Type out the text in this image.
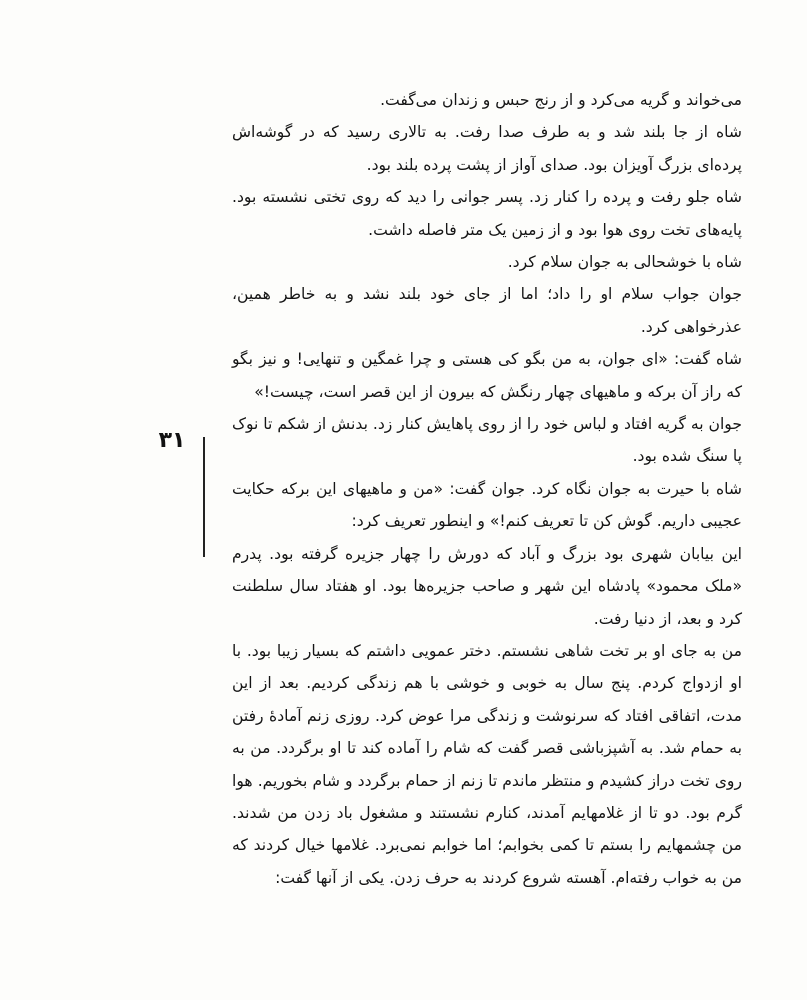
می‌خواند و گریه می‌کرد و از رنج حبس و زندان می‌گفت.

شاه از جا بلند شد و به طرف صدا رفت. به تالاری رسید که در گوشه‌اش پرده‌ای بزرگ آویزان بود. صدای آواز از پشت پرده بلند بود.

شاه جلو رفت و پرده را کنار زد. پسر جوانی را دید که روی تختی نشسته بود. پایه‌های تخت روی هوا بود و از زمین یک متر فاصله داشت.

شاه با خوشحالی به جوان سلام کرد.

جوان جواب سلام او را داد؛ اما از جای خود بلند نشد و به خاطر همین، عذرخواهی کرد.

شاه گفت: «ای جوان، به من بگو کی هستی و چرا غمگین و تنهایی! و نیز بگو که راز آن برکه و ماهیهای چهار رنگش که بیرون از این قصر است، چیست!»

جوان به گریه افتاد و لباس خود را از روی پاهایش کنار زد. بدنش از شکم تا نوک پا سنگ شده بود.

شاه با حیرت به جوان نگاه کرد. جوان گفت: «من و ماهیهای این برکه حکایت عجیبی داریم. گوش کن تا تعریف کنم!» و اینطور تعریف کرد:

این بیابان شهری بود بزرگ و آباد که دورش را چهار جزیره گرفته بود. پدرم «ملک محمود» پادشاه این شهر و صاحب جزیره‌ها بود. او هفتاد سال سلطنت کرد و بعد، از دنیا رفت.

من به جای او بر تخت شاهی نشستم. دختر عمویی داشتم که بسیار زیبا بود. با او ازدواج کردم. پنج سال به خوبی و خوشی با هم زندگی کردیم. بعد از این مدت، اتفاقی افتاد که سرنوشت و زندگی مرا عوض کرد. روزی زنم آمادهٔ رفتن به حمام شد. به آشپزباشی قصر گفت که شام را آماده کند تا او برگردد. من به روی تخت دراز کشیدم و منتظر ماندم تا زنم از حمام برگردد و شام بخوریم. هوا گرم بود. دو تا از غلامهایم آمدند، کنارم نشستند و مشغول باد زدن من شدند. من چشمهایم را بستم تا کمی بخوابم؛ اما خوابم نمی‌برد. غلامها خیال کردند که من به خواب رفته‌ام. آهسته شروع کردند به حرف زدن. یکی از آنها گفت:

۳۱
